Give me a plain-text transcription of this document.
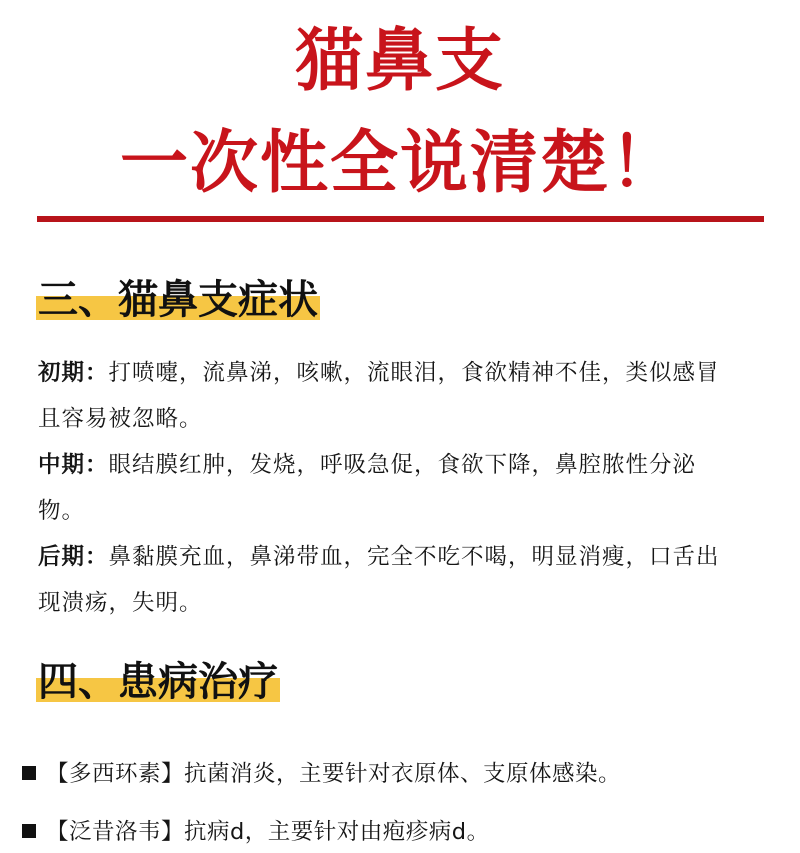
猫鼻支
一次性全说清楚！
三、猫鼻支症状
初期：打喷嚏，流鼻涕，咳嗽，流眼泪，食欲精神不佳，类似感冒且容易被忽略。
中期：眼结膜红肿，发烧，呼吸急促，食欲下降，鼻腔脓性分泌物。
后期：鼻黏膜充血，鼻涕带血，完全不吃不喝，明显消瘦，口舌出现溃疡，失明。
四、患病治疗
【多西环素】抗菌消炎，主要针对衣原体、支原体感染。
【泛昔洛韦】抗病d，主要针对由疱疹病d。
